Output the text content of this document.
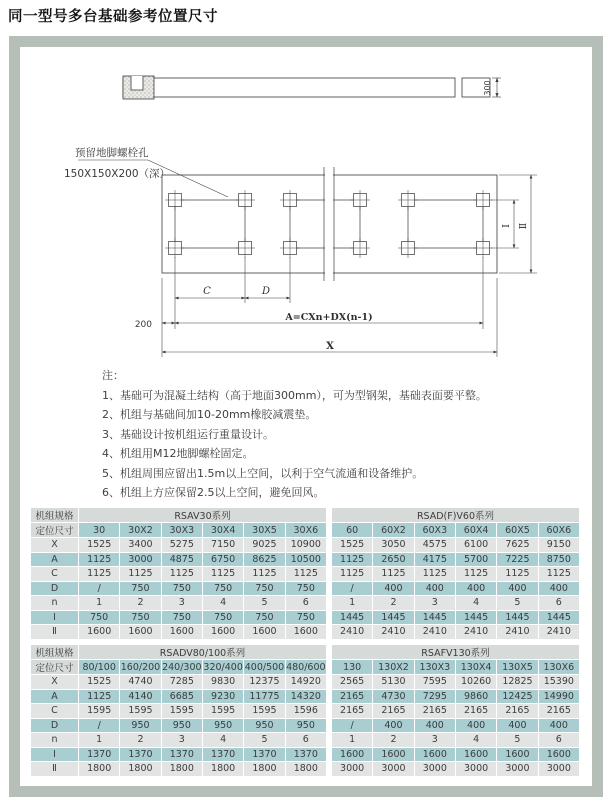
同一型号多台基础参考位置尺寸
300
预留地脚螺栓孔
150X150X200（深）
C	D
200
A=CXn+DX(n-1)
X
Ⅰ Ⅱ
注：
1、基础可为混凝土结构（高于地面300mm），可为型钢架，基础表面要平整。
2、机组与基础间加10-20mm橡胶减震垫。
3、基础设计按机组运行重量设计。
4、机组用M12地脚螺栓固定。
5、机组周围应留出1.5m以上空间，以利于空气流通和设备维护。
6、机组上方应保留2.5以上空间，避免回风。
机组规格	RSAV30系列							RSAD(F)V60系列					
定位尺寸	30	30X2	30X3	30X4	30X5	30X6		60	60X2	60X3	60X4	60X5	60X6
X	1525	3400	5275	7150	9025	10900		1525	3050	4575	6100	7625	9150
A	1125	3000	4875	6750	8625	10500		1125	2650	4175	5700	7225	8750
C	1125	1125	1125	1125	1125	1125		1125	1125	1125	1125	1125	1125
D	/	750	750	750	750	750		/	400	400	400	400	400
n	1	2	3	4	5	6		1	2	3	4	5	6
Ⅰ	750	750	750	750	750	750		1445	1445	1445	1445	1445	1445
Ⅱ	1600	1600	1600	1600	1600	1600		2410	2410	2410	2410	2410	2410
机组规格	RSADV80/100系列							RSAFV130系列					
定位尺寸	80/100	160/200	240/300	320/400	400/500	480/600		130	130X2	130X3	130X4	130X5	130X6
X	1525	4740	7285	9830	12375	14920		2565	5130	7595	10260	12825	15390
A	1125	4140	6685	9230	11775	14320		2165	4730	7295	9860	12425	14990
C	1595	1595	1595	1595	1595	1596		2165	2165	2165	2165	2165	2165
D	/	950	950	950	950	950		/	400	400	400	400	400
n	1	2	3	4	5	6		1	2	3	4	5	6
Ⅰ	1370	1370	1370	1370	1370	1370		1600	1600	1600	1600	1600	1600
Ⅱ	1800	1800	1800	1800	1800	1800		3000	3000	3000	3000	3000	3000
